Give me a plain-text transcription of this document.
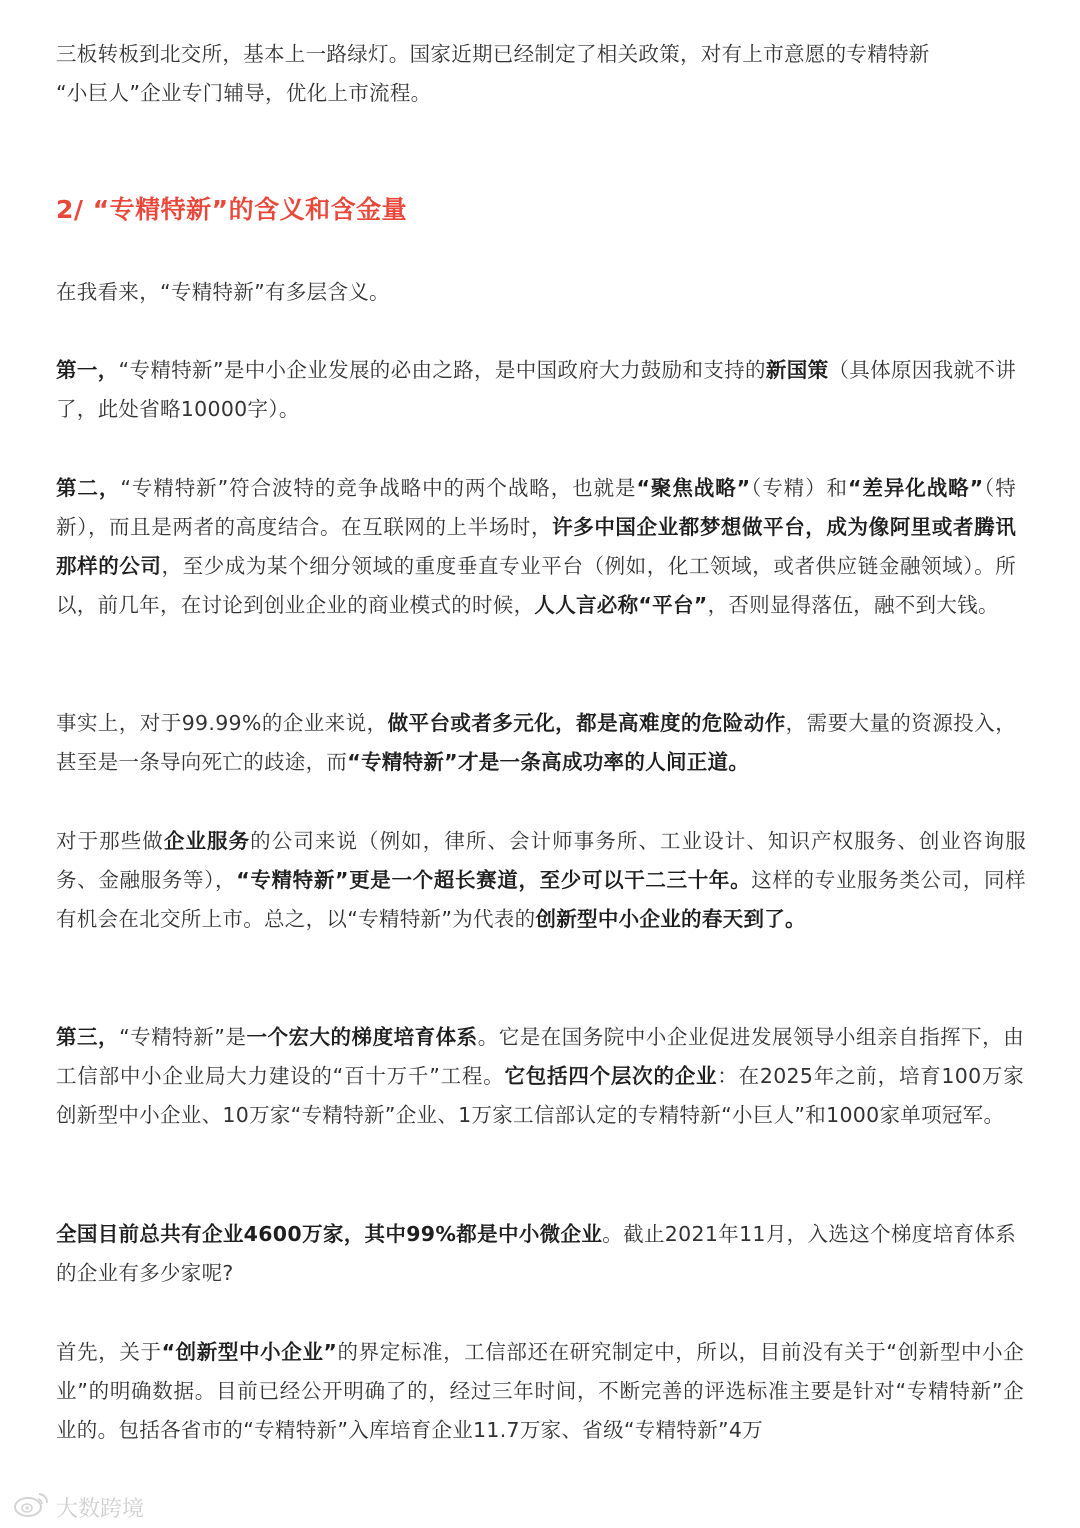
三板转板到北交所，基本上一路绿灯。国家近期已经制定了相关政策，对有上市意愿的专精特新
“小巨人”企业专门辅导，优化上市流程。

2/ “专精特新”的含义和含金量

在我看来，“专精特新”有多层含义。

第一，“专精特新”是中小企业发展的必由之路，是中国政府大力鼓励和支持的新国策（具体原因我就不讲了，此处省略10000字）。

第二，“专精特新”符合波特的竞争战略中的两个战略，也就是“聚焦战略”（专精）和“差异化战略”（特新），而且是两者的高度结合。在互联网的上半场时，许多中国企业都梦想做平台，成为像阿里或者腾讯那样的公司，至少成为某个细分领域的重度垂直专业平台（例如，化工领域，或者供应链金融领域）。所以，前几年，在讨论到创业企业的商业模式的时候，人人言必称“平台”，否则显得落伍，融不到大钱。

事实上，对于99.99%的企业来说，做平台或者多元化，都是高难度的危险动作，需要大量的资源投入，甚至是一条导向死亡的歧途，而“专精特新”才是一条高成功率的人间正道。

对于那些做企业服务的公司来说（例如，律所、会计师事务所、工业设计、知识产权服务、创业咨询服务、金融服务等），“专精特新”更是一个超长赛道，至少可以干二三十年。这样的专业服务类公司，同样有机会在北交所上市。总之，以“专精特新”为代表的创新型中小企业的春天到了。

第三，“专精特新”是一个宏大的梯度培育体系。它是在国务院中小企业促进发展领导小组亲自指挥下，由工信部中小企业局大力建设的“百十万千”工程。它包括四个层次的企业：在2025年之前，培育100万家创新型中小企业、10万家“专精特新”企业、1万家工信部认定的专精特新“小巨人”和1000家单项冠军。

全国目前总共有企业4600万家，其中99%都是中小微企业。截止2021年11月，入选这个梯度培育体系的企业有多少家呢?

首先，关于“创新型中小企业”的界定标准，工信部还在研究制定中，所以，目前没有关于“创新型中小企业”的明确数据。目前已经公开明确了的，经过三年时间，不断完善的评选标准主要是针对“专精特新”企业的。包括各省市的“专精特新”入库培育企业11.7万家、省级“专精特新”4万

大数跨境
